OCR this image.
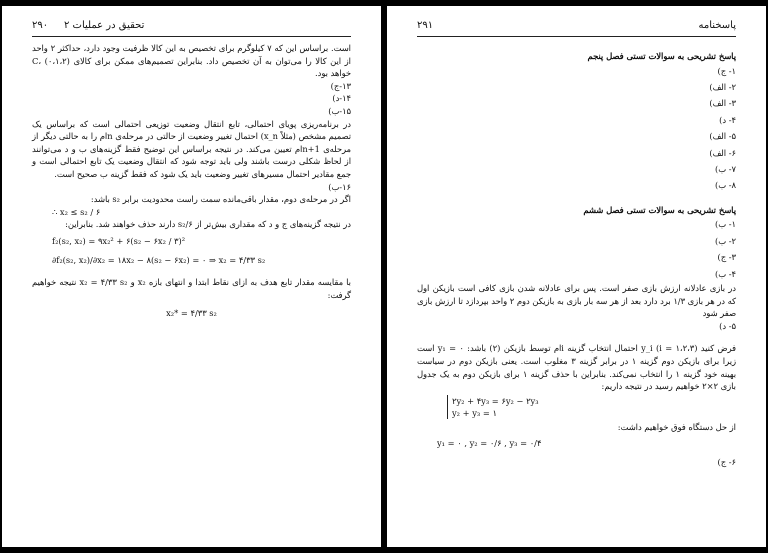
۲۹۰ تحقیق در عملیات ۲

است. براساس این که ۷ کیلوگرم برای تخصیص به این کالا ظرفیت وجود دارد، حداکثر ۲ واحد از این کالا را می‌توان به آن تخصیص داد. بنابراین تصمیم‌های ممکن برای کالای C، (۰،۱،۲) خواهد بود.

۱۳-ج)

۱۴-د)

۱۵-ب)

در برنامه‌ریزی پویای احتمالی، تابع انتقال وضعیت توزیعی احتمالی است که براساس یک تصمیم مشخص (مثلاً x_n) احتمال تغییر وضعیت از حالتی در مرحله‌ی n‌ام را به حالتی دیگر از مرحله‌ی n+1‌ام تعیین می‌کند. در نتیجه براساس این توضیح فقط گزینه‌های ب و د می‌توانند از لحاظ شکلی درست باشند ولی باید توجه شود که انتقال وضعیت یک تابع احتمالی است و جمع مقادیر احتمال مسیرهای تغییر وضعیت باید یک شود که فقط گزینه ب صحیح است.

۱۶-ب)

اگر در مرحله‌ی دوم، مقدار باقی‌مانده سمت راست محدودیت برابر s₂ باشد:

∴ x₂ ≤ s₂ / ۶

در نتیجه گزینه‌های ج و د که مقداری بیش‌تر از s₂/۶ دارند حذف خواهند شد. بنابراین:

f₂(s₂, x₂) = ۹x₂² + ۶(s₂ − ۶x₂ / ۳)²

∂f₂(s₂, x₂)/∂x₂ = ۱۸x₂ − ۸(s₂ − ۶x₂) = ۰ ⇒ x₂ = ۴/۳۳ s₂

با مقایسه مقدار تابع هدف به ازای نقاط ابتدا و انتهای بازه x₂ و x₂ = ۴/۳۳ s₂ نتیجه خواهیم گرفت:

x₂* = ۴/۳۳ s₂

پاسخنامه
۲۹۱

پاسخ تشریحی به سوالات تستی فصل پنجم

۱- ج)

۲- الف)

۳- الف)

۴- د)

۵- الف)

۶- الف)

۷- ب)

۸- ب)

پاسخ تشریحی به سوالات تستی فصل ششم

۱- ب)

۲- ب)

۳- ج)

۴- ب)

در بازی عادلانه ارزش بازی صفر است. پس برای عادلانه شدن بازی کافی است بازیکن اول که در هر بازی ۱/۳ برد دارد بعد از هر سه بار بازی به بازیکن دوم ۲ واحد بپردازد تا ارزش بازی صفر شود

۵- د)

فرض کنید y_i (i = ۱،۲،۳) احتمال انتخاب گزینه i‌ام توسط بازیکن (۲) باشد: y₁ = ۰ است زیرا برای بازیکن دوم گزینه ۱ در برابر گزینه ۳ مغلوب است. یعنی بازیکن دوم در سیاست بهینه خود گزینه ۱ را انتخاب نمی‌کند. بنابراین با حذف گزینه ۱ برای بازیکن دوم به یک جدول بازی ۲×۲ خواهیم رسید در نتیجه داریم:

۲y₂ + ۴y₃ = ۶y₂ − ۲y₃
y₂ + y₃ = ۱

از حل دستگاه فوق خواهیم داشت:

y₁ = ۰ , y₂ = ۰/۶ , y₃ = ۰/۴

۶- ج)
